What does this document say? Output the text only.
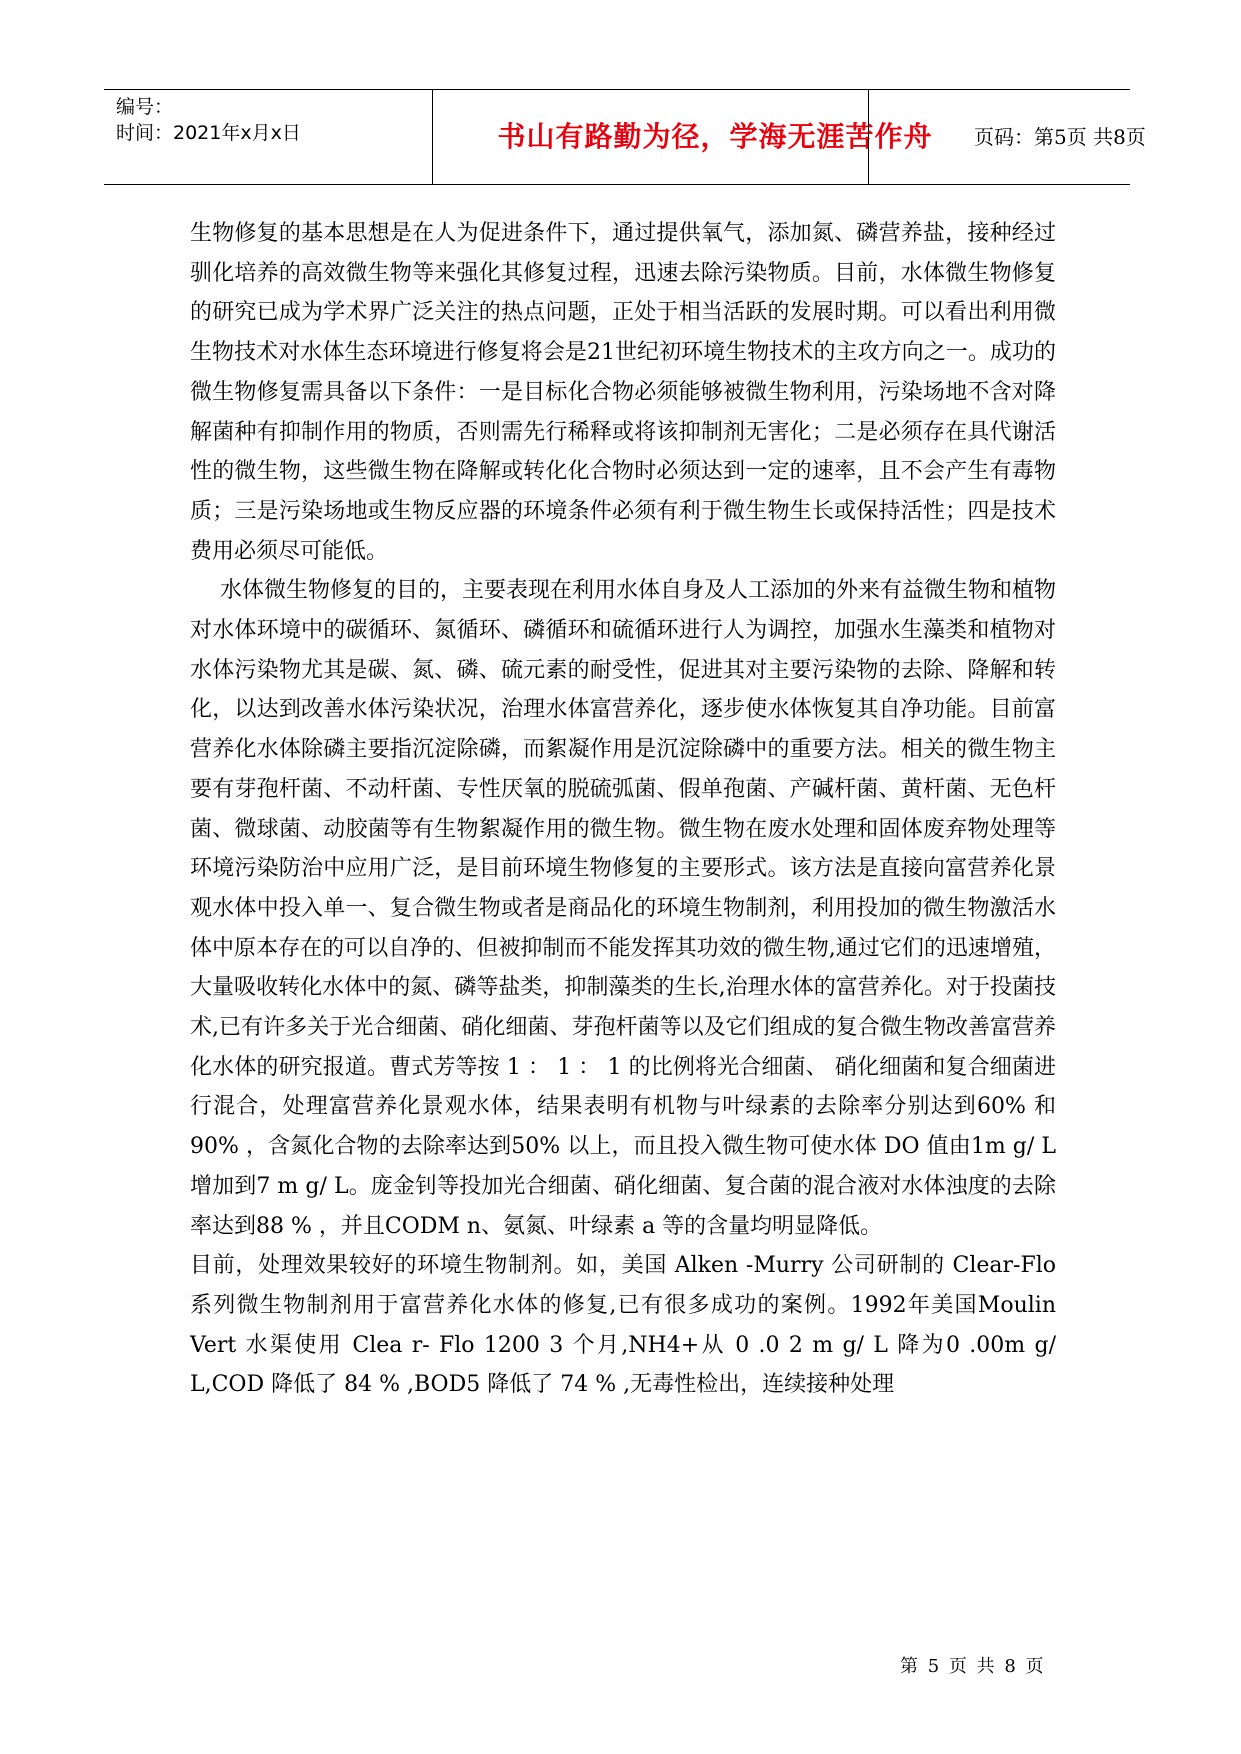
编号：
时间：2021年x月x日	书山有路勤为径，学海无涯苦作舟	页码：第5页 共8页

生物修复的基本思想是在人为促进条件下，通过提供氧气，添加氮、磷营养盐，接种经过驯化培养的高效微生物等来强化其修复过程，迅速去除污染物质。目前，水体微生物修复的研究已成为学术界广泛关注的热点问题，正处于相当活跃的发展时期。可以看出利用微生物技术对水体生态环境进行修复将会是21世纪初环境生物技术的主攻方向之一。成功的微生物修复需具备以下条件：一是目标化合物必须能够被微生物利用，污染场地不含对降解菌种有抑制作用的物质，否则需先行稀释或将该抑制剂无害化；二是必须存在具代谢活性的微生物，这些微生物在降解或转化化合物时必须达到一定的速率，且不会产生有毒物质；三是污染场地或生物反应器的环境条件必须有利于微生物生长或保持活性；四是技术费用必须尽可能低。

水体微生物修复的目的，主要表现在利用水体自身及人工添加的外来有益微生物和植物对水体环境中的碳循环、氮循环、磷循环和硫循环进行人为调控，加强水生藻类和植物对水体污染物尤其是碳、氮、磷、硫元素的耐受性，促进其对主要污染物的去除、降解和转化，以达到改善水体污染状况，治理水体富营养化，逐步使水体恢复其自净功能。目前富营养化水体除磷主要指沉淀除磷，而絮凝作用是沉淀除磷中的重要方法。相关的微生物主要有芽孢杆菌、不动杆菌、专性厌氧的脱硫弧菌、假单孢菌、产碱杆菌、黄杆菌、无色杆菌、微球菌、动胶菌等有生物絮凝作用的微生物。微生物在废水处理和固体废弃物处理等环境污染防治中应用广泛，是目前环境生物修复的主要形式。该方法是直接向富营养化景观水体中投入单一、复合微生物或者是商品化的环境生物制剂，利用投加的微生物激活水体中原本存在的可以自净的、但被抑制而不能发挥其功效的微生物,通过它们的迅速增殖，大量吸收转化水体中的氮、磷等盐类，抑制藻类的生长,治理水体的富营养化。对于投菌技术,已有许多关于光合细菌、硝化细菌、芽孢杆菌等以及它们组成的复合微生物改善富营养化水体的研究报道。曹式芳等按 1 ： 1 ： 1 的比例将光合细菌、 硝化细菌和复合细菌进行混合，处理富营养化景观水体，结果表明有机物与叶绿素的去除率分别达到60% 和90% ，含氮化合物的去除率达到50% 以上，而且投入微生物可使水体 DO 值由1m g/ L 增加到7 m g/ L。庞金钊等投加光合细菌、硝化细菌、复合菌的混合液对水体浊度的去除率达到88 % ，并且CODM n、氨氮、叶绿素 a 等的含量均明显降低。

目前，处理效果较好的环境生物制剂。如，美国 Alken -Murry 公司研制的 Clear-Flo 系列微生物制剂用于富营养化水体的修复,已有很多成功的案例。1992年美国Moulin Vert 水渠使用 Clea r- Flo 1200 3 个月,NH4+从 0 .0 2 m g/ L 降为0 .00m g/ L,COD 降低了 84 % ,BOD5 降低了 74 % ,无毒性检出，连续接种处理

第 5 页 共 8 页
